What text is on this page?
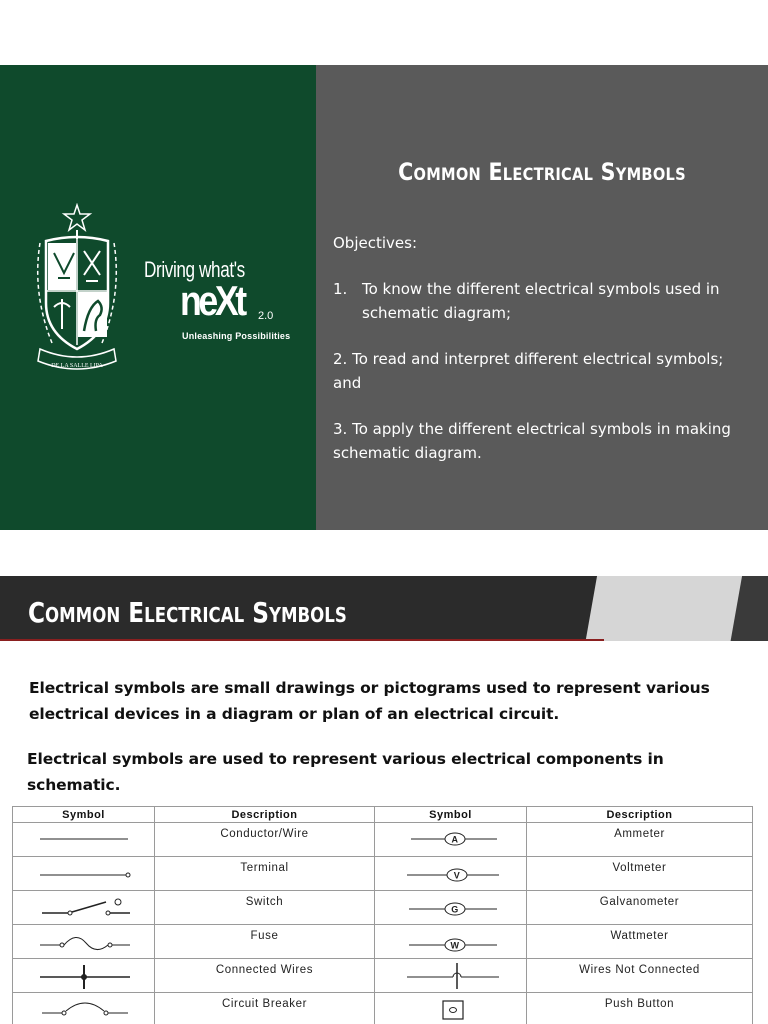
DE LA SALLE LIPA
Driving what's
neXt 2.0
Unleashing Possibilities
Common Electrical Symbols

Objectives:

1. To know the different electrical symbols used in schematic diagram;

2. To read and interpret different electrical symbols; and

3. To apply the different electrical symbols in making schematic diagram.

Common Electrical Symbols
Electrical symbols are small drawings or pictograms used to represent various electrical devices in a diagram or plan of an electrical circuit.
Electrical symbols are used to represent various electrical components in schematic.
Symbol	Description	Symbol	Description

	Conductor/Wire	A	Ammeter

	Terminal	V	Voltmeter

	Switch	G	Galvanometer

	Fuse	W	Wattmeter

	Connected Wires		Wires Not Connected

	Circuit Breaker		Push Button
